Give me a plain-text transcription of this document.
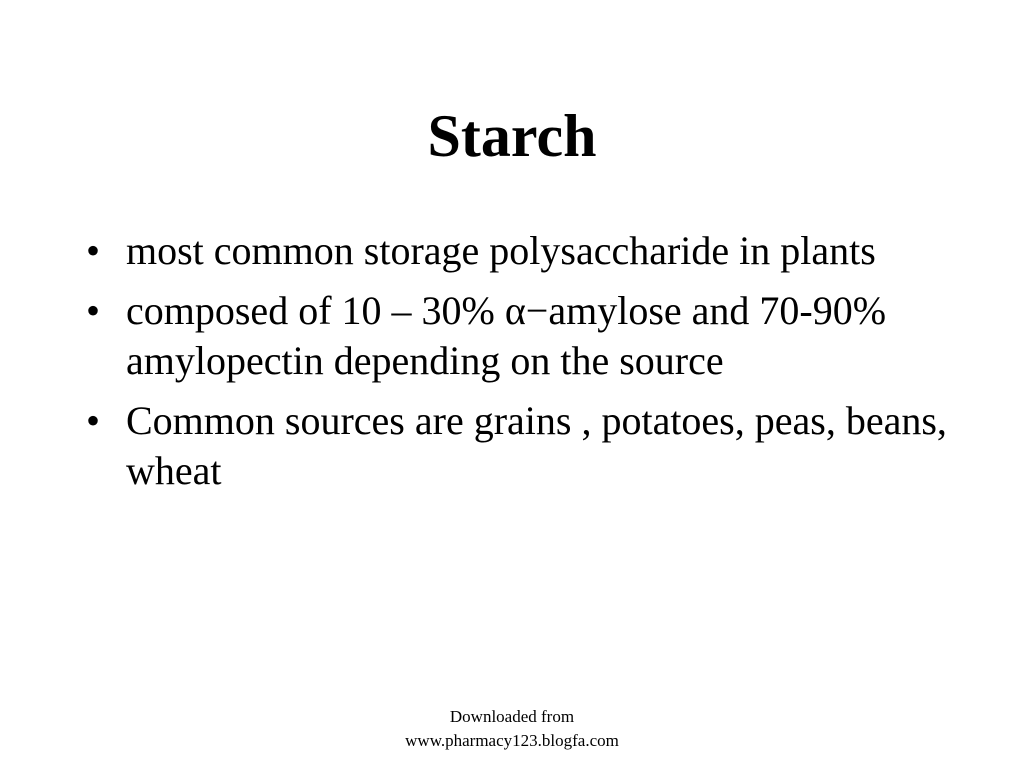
Starch
• most common storage polysaccharide in plants
• composed of 10 – 30% α−amylose and 70-90% amylopectin depending on the source
• Common sources are grains , potatoes, peas, beans, wheat
Downloaded from
www.pharmacy123.blogfa.com
